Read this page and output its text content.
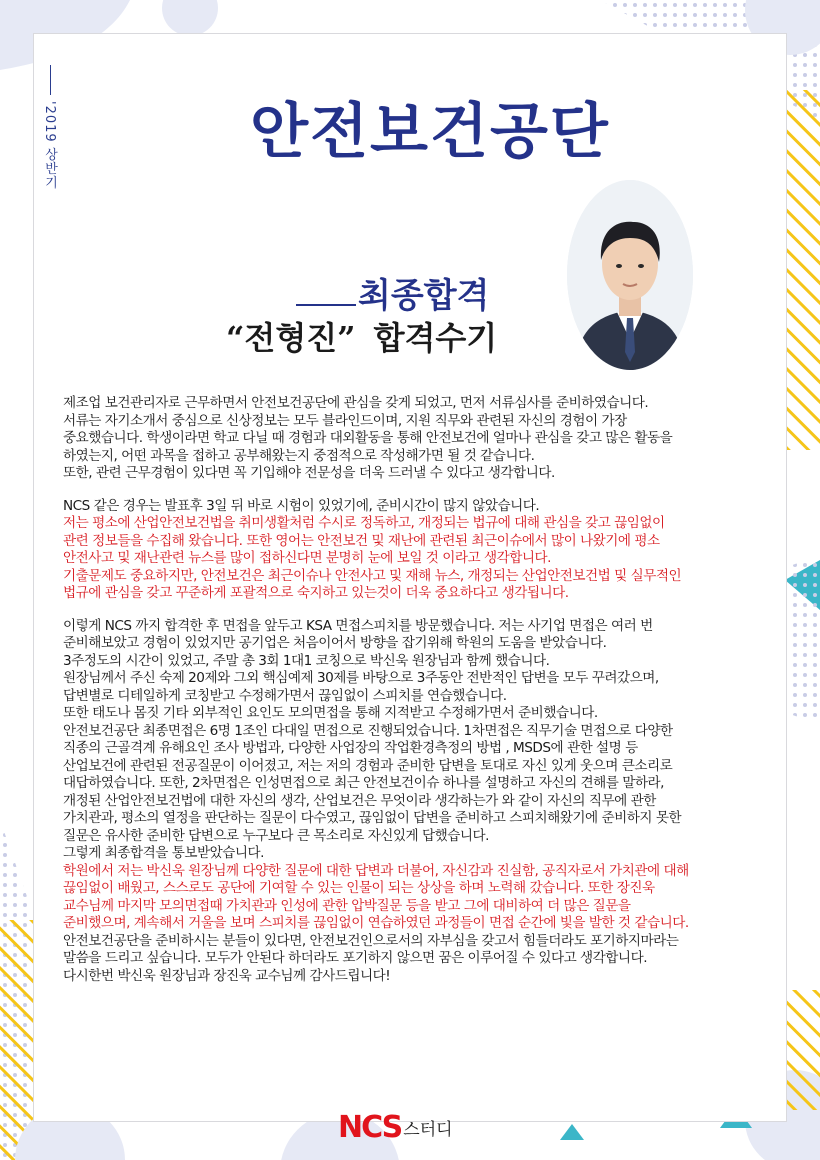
'2019 상반기	안전보건공단
최종합격
“전형진” 합격수기

제조업 보건관리자로 근무하면서 안전보건공단에 관심을 갖게 되었고, 먼저 서류심사를 준비하였습니다.

서류는 자기소개서 중심으로 신상정보는 모두 블라인드이며, 지원 직무와 관련된 자신의 경험이 가장

중요했습니다. 학생이라면 학교 다닐 때 경험과 대외활동을 통해 안전보건에 얼마나 관심을 갖고 많은 활동을

하였는지, 어떤 과목을 접하고 공부해왔는지 중점적으로 작성해가면 될 것 같습니다.

또한, 관련 근무경험이 있다면 꼭 기입해야 전문성을 더욱 드러낼 수 있다고 생각합니다.

NCS 같은 경우는 발표후 3일 뒤 바로 시험이 있었기에, 준비시간이 많지 않았습니다.

저는 평소에 산업안전보건법을 취미생활처럼 수시로 정독하고, 개정되는 법규에 대해 관심을 갖고 끊임없이

관련 정보들을 수집해 왔습니다. 또한 영어는 안전보건 및 재난에 관련된 최근이슈에서 많이 나왔기에 평소

안전사고 및 재난관련 뉴스를 많이 접하신다면 분명히 눈에 보일 것 이라고 생각합니다.

기출문제도 중요하지만, 안전보건은 최근이슈나 안전사고 및 재해 뉴스, 개정되는 산업안전보건법 및 실무적인

법규에 관심을 갖고 꾸준하게 포괄적으로 숙지하고 있는것이 더욱 중요하다고 생각됩니다.

이렇게 NCS 까지 합격한 후 면접을 앞두고 KSA 면접스피치를 방문했습니다. 저는 사기업 면접은 여러 번

준비해보았고 경험이 있었지만 공기업은 처음이어서 방향을 잡기위해 학원의 도움을 받았습니다.

3주정도의 시간이 있었고, 주말 총 3회 1대1 코칭으로 박신욱 원장님과 함께 했습니다.

원장님께서 주신 숙제 20제와 그외 핵심예제 30제를 바탕으로 3주동안 전반적인 답변을 모두 꾸려갔으며,

답변별로 디테일하게 코칭받고 수정해가면서 끊임없이 스피치를 연습했습니다.

또한 태도나 몸짓 기타 외부적인 요인도 모의면접을 통해 지적받고 수정해가면서 준비했습니다.

안전보건공단 최종면접은 6명 1조인 다대일 면접으로 진행되었습니다. 1차면접은 직무기술 면접으로 다양한

직종의 근골격계 유해요인 조사 방법과, 다양한 사업장의 작업환경측정의 방법 , MSDS에 관한 설명 등

산업보건에 관련된 전공질문이 이어졌고, 저는 저의 경험과 준비한 답변을 토대로 자신 있게 웃으며 큰소리로

대답하였습니다. 또한, 2차면접은 인성면접으로 최근 안전보건이슈 하나를 설명하고 자신의 견해를 말하라,

개정된 산업안전보건법에 대한 자신의 생각, 산업보건은 무엇이라 생각하는가 와 같이 자신의 직무에 관한

가치관과, 평소의 열정을 판단하는 질문이 다수였고, 끊임없이 답변을 준비하고 스피치해왔기에 준비하지 못한

질문은 유사한 준비한 답변으로 누구보다 큰 목소리로 자신있게 답했습니다.

그렇게 최종합격을 통보받았습니다.

학원에서 저는 박신욱 원장님께 다양한 질문에 대한 답변과 더불어, 자신감과 진실함, 공직자로서 가치관에 대해

끊임없이 배웠고, 스스로도 공단에 기여할 수 있는 인물이 되는 상상을 하며 노력해 갔습니다. 또한 장진욱

교수님께 마지막 모의면접때 가치관과 인성에 관한 압박질문 등을 받고 그에 대비하여 더 많은 질문을

준비했으며, 계속해서 거울을 보며 스피치를 끊임없이 연습하였던 과정들이 면접 순간에 빛을 발한 것 같습니다.

안전보건공단을 준비하시는 분들이 있다면, 안전보건인으로서의 자부심을 갖고서 힘들더라도 포기하지마라는

말씀을 드리고 싶습니다. 모두가 안된다 하더라도 포기하지 않으면 꿈은 이루어질 수 있다고 생각합니다.

다시한번 박신욱 원장님과 장진욱 교수님께 감사드립니다!

NCS 스터디
